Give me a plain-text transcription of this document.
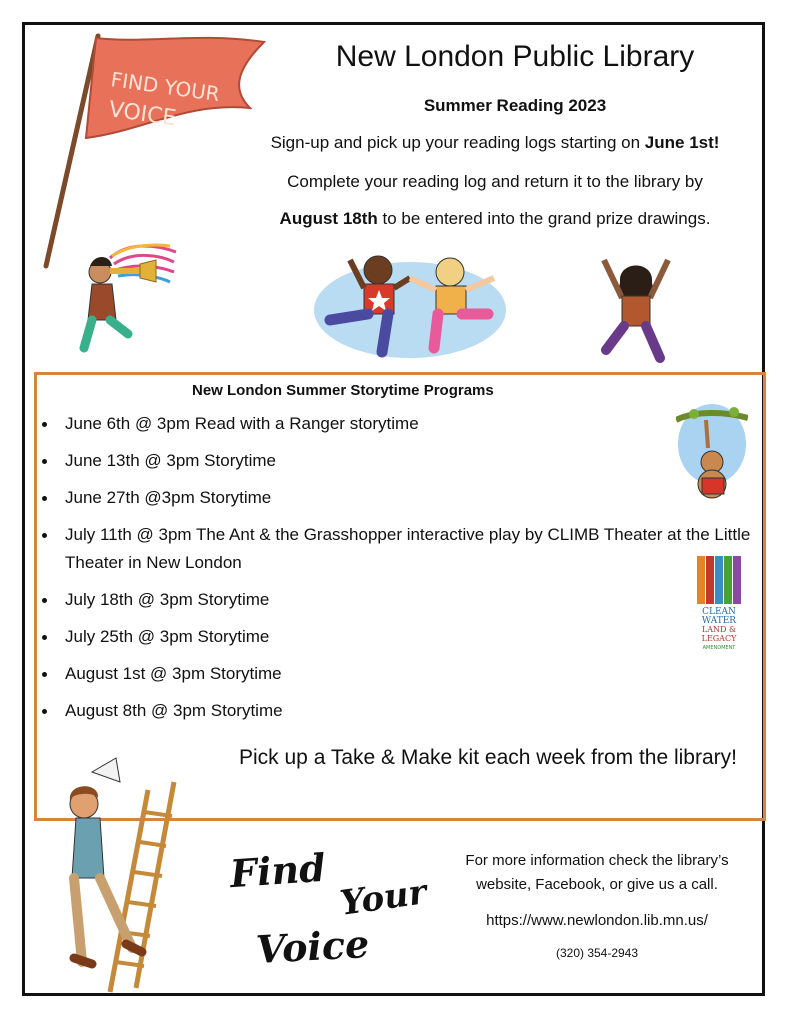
FIND YOUR
VOICE
New London Public Library
Summer Reading 2023
Sign-up and pick up your reading logs starting on June 1st!
Complete your reading log and return it to the library by
August 18th to be entered into the grand prize drawings.
New London Summer Storytime Programs
June 6th @ 3pm Read with a Ranger storytime
June 13th @ 3pm Storytime
June 27th @3pm Storytime
July 11th @ 3pm The Ant & the Grasshopper interactive play by CLIMB Theater at the Little Theater in New London
July 18th @ 3pm Storytime
July 25th @ 3pm Storytime
August 1st @ 3pm Storytime
August 8th @ 3pm Storytime
CLEAN
WATER
LAND &
LEGACY
AMENDMENT
Pick up a Take & Make kit each week from the library!
Find
Your
Voice
For more information check the library’s
website, Facebook, or give us a call.
https://www.newlondon.lib.mn.us/
(320) 354-2943
